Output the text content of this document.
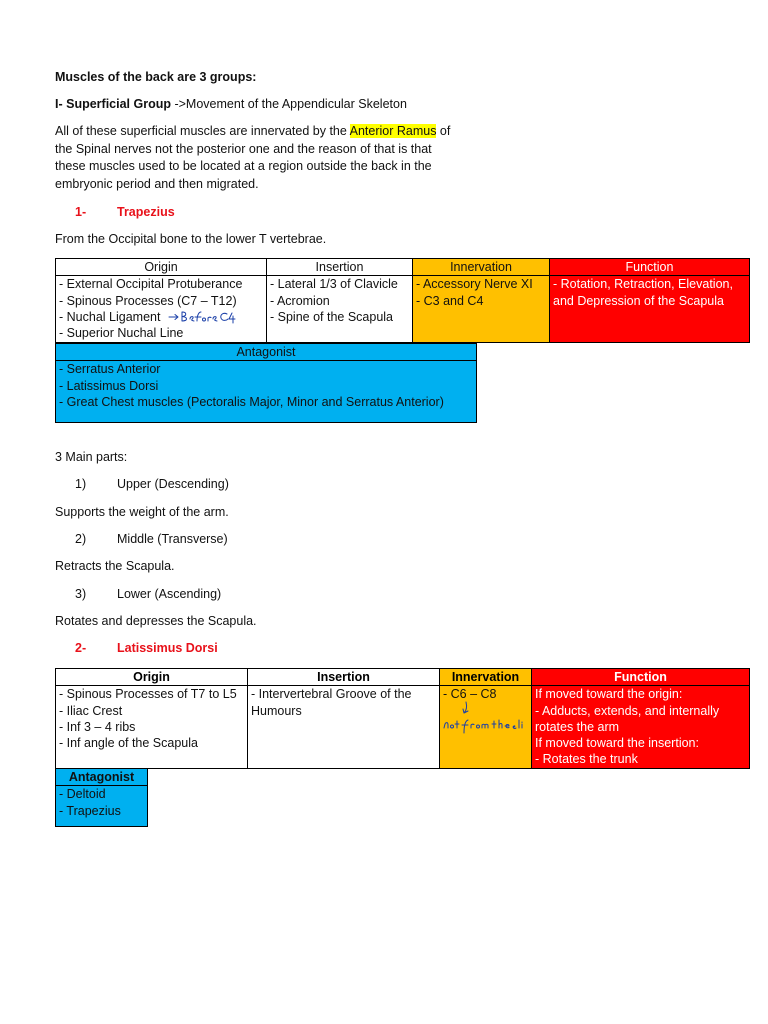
Muscles of the back are 3 groups:
I- Superficial Group ->Movement of the Appendicular Skeleton
All of these superficial muscles are innervated by the Anterior Ramus of
the Spinal nerves not the posterior one and the reason of that is that
these muscles used to be located at a region outside the back in the
embryonic period and then migrated.
1- Trapezius
From the Occipital bone to the lower T vertebrae.
Origin	Insertion	Innervation	Function

- External Occipital Protuberance
- Spinous Processes (C7 – T12)
- Nuchal Ligament
- Superior Nuchal Line	- Lateral 1/3 of Clavicle
- Acromion
- Spine of the Scapula	- Accessory Nerve XI
- C3 and C4	- Rotation, Retraction, Elevation, and Depression of the Scapula
Antagonist

- Serratus Anterior
- Latissimus Dorsi
- Great Chest muscles (Pectoralis Major, Minor and Serratus Anterior)
3 Main parts:
1) Upper (Descending)
Supports the weight of the arm.
2) Middle (Transverse)
Retracts the Scapula.
3) Lower (Ascending)
Rotates and depresses the Scapula.
2- Latissimus Dorsi
Origin	Insertion	Innervation	Function

- Spinous Processes of T7 to L5
- Iliac Crest
- Inf 3 – 4 ribs
- Inf angle of the Scapula	- Intervertebral Groove of the Humours	- C6 – C8	If moved toward the origin:
- Adducts, extends, and internally rotates the arm
If moved toward the insertion:
- Rotates the trunk
Antagonist

- Deltoid
- Trapezius
